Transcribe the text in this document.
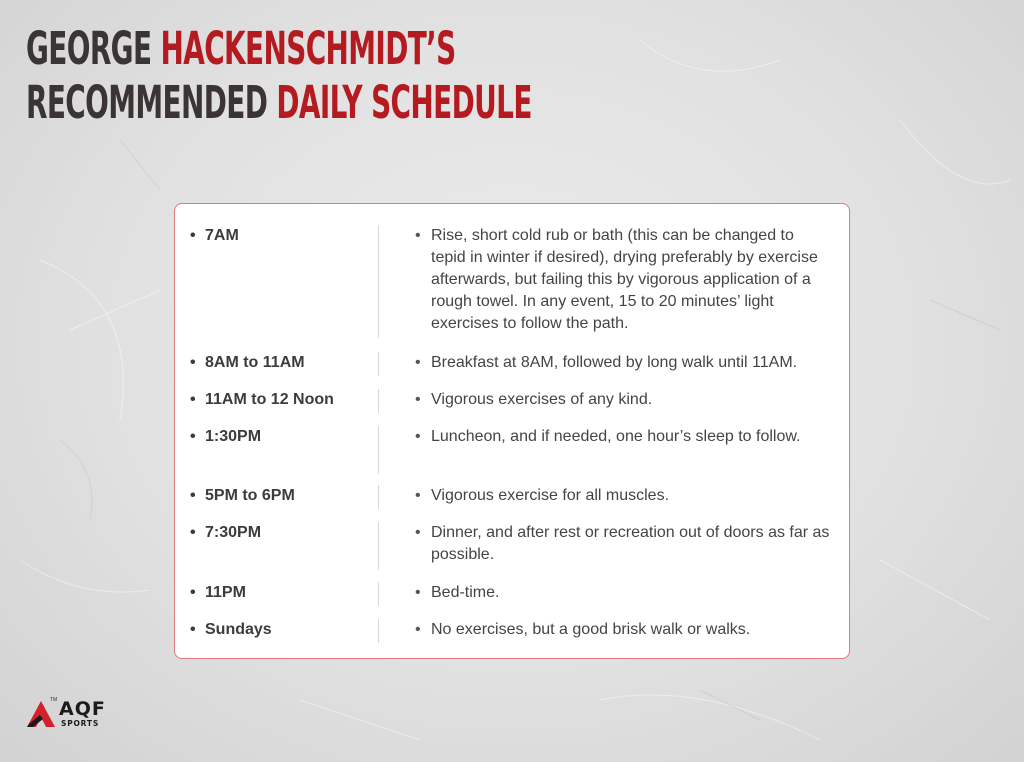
GEORGE HACKENSCHMIDT’S
RECOMMENDED DAILY SCHEDULE
• 7AM	• Rise, short cold rub or bath (this can be changed to tepid in winter if desired), drying preferably by exercise afterwards, but failing this by vigorous application of a rough towel. In any event, 15 to 20 minutes’ light exercises to follow the path.
• 8AM to 11AM	• Breakfast at 8AM, followed by long walk until 11AM.
• 11AM to 12 Noon	• Vigorous exercises of any kind.
• 1:30PM	• Luncheon, and if needed, one hour’s sleep to follow.
• 5PM to 6PM	• Vigorous exercise for all muscles.
• 7:30PM	• Dinner, and after rest or recreation out of doors as far as possible.
• 11PM	• Bed-time.
• Sundays	• No exercises, but a good brisk walk or walks.
TM AQF
SPORTS
